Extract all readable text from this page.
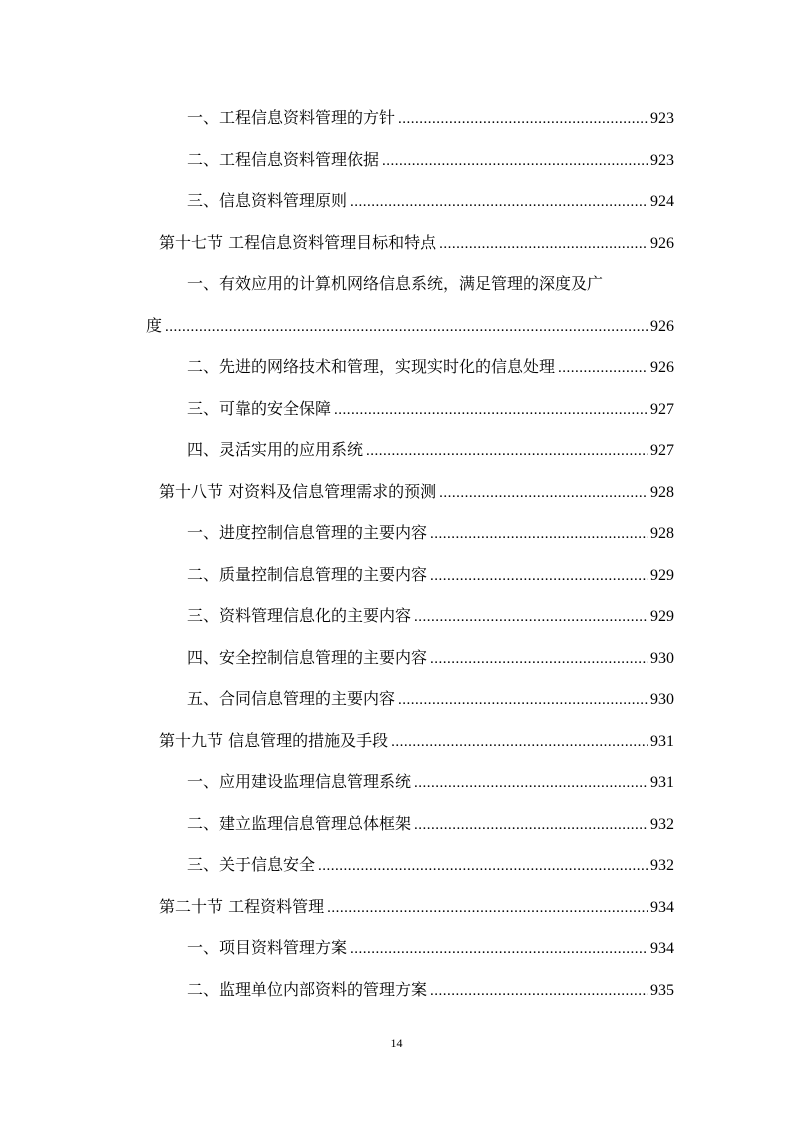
一、工程信息资料管理的方针 .....	923
二、工程信息资料管理依据 .....	923
三、信息资料管理原则 .....	924
第十七节 工程信息资料管理目标和特点 .....	926
一、有效应用的计算机网络信息系统，满足管理的深度及广
度 .....	926
二、先进的网络技术和管理，实现实时化的信息处理 .....	926
三、可靠的安全保障 .....	927
四、灵活实用的应用系统 .....	927
第十八节 对资料及信息管理需求的预测 .....	928
一、进度控制信息管理的主要内容 .....	928
二、质量控制信息管理的主要内容 .....	929
三、资料管理信息化的主要内容 .....	929
四、安全控制信息管理的主要内容 .....	930
五、合同信息管理的主要内容 .....	930
第十九节 信息管理的措施及手段 .....	931
一、应用建设监理信息管理系统 .....	931
二、建立监理信息管理总体框架 .....	932
三、关于信息安全 .....	932
第二十节 工程资料管理 .....	934
一、项目资料管理方案 .....	934
二、监理单位内部资料的管理方案 .....	935
14
